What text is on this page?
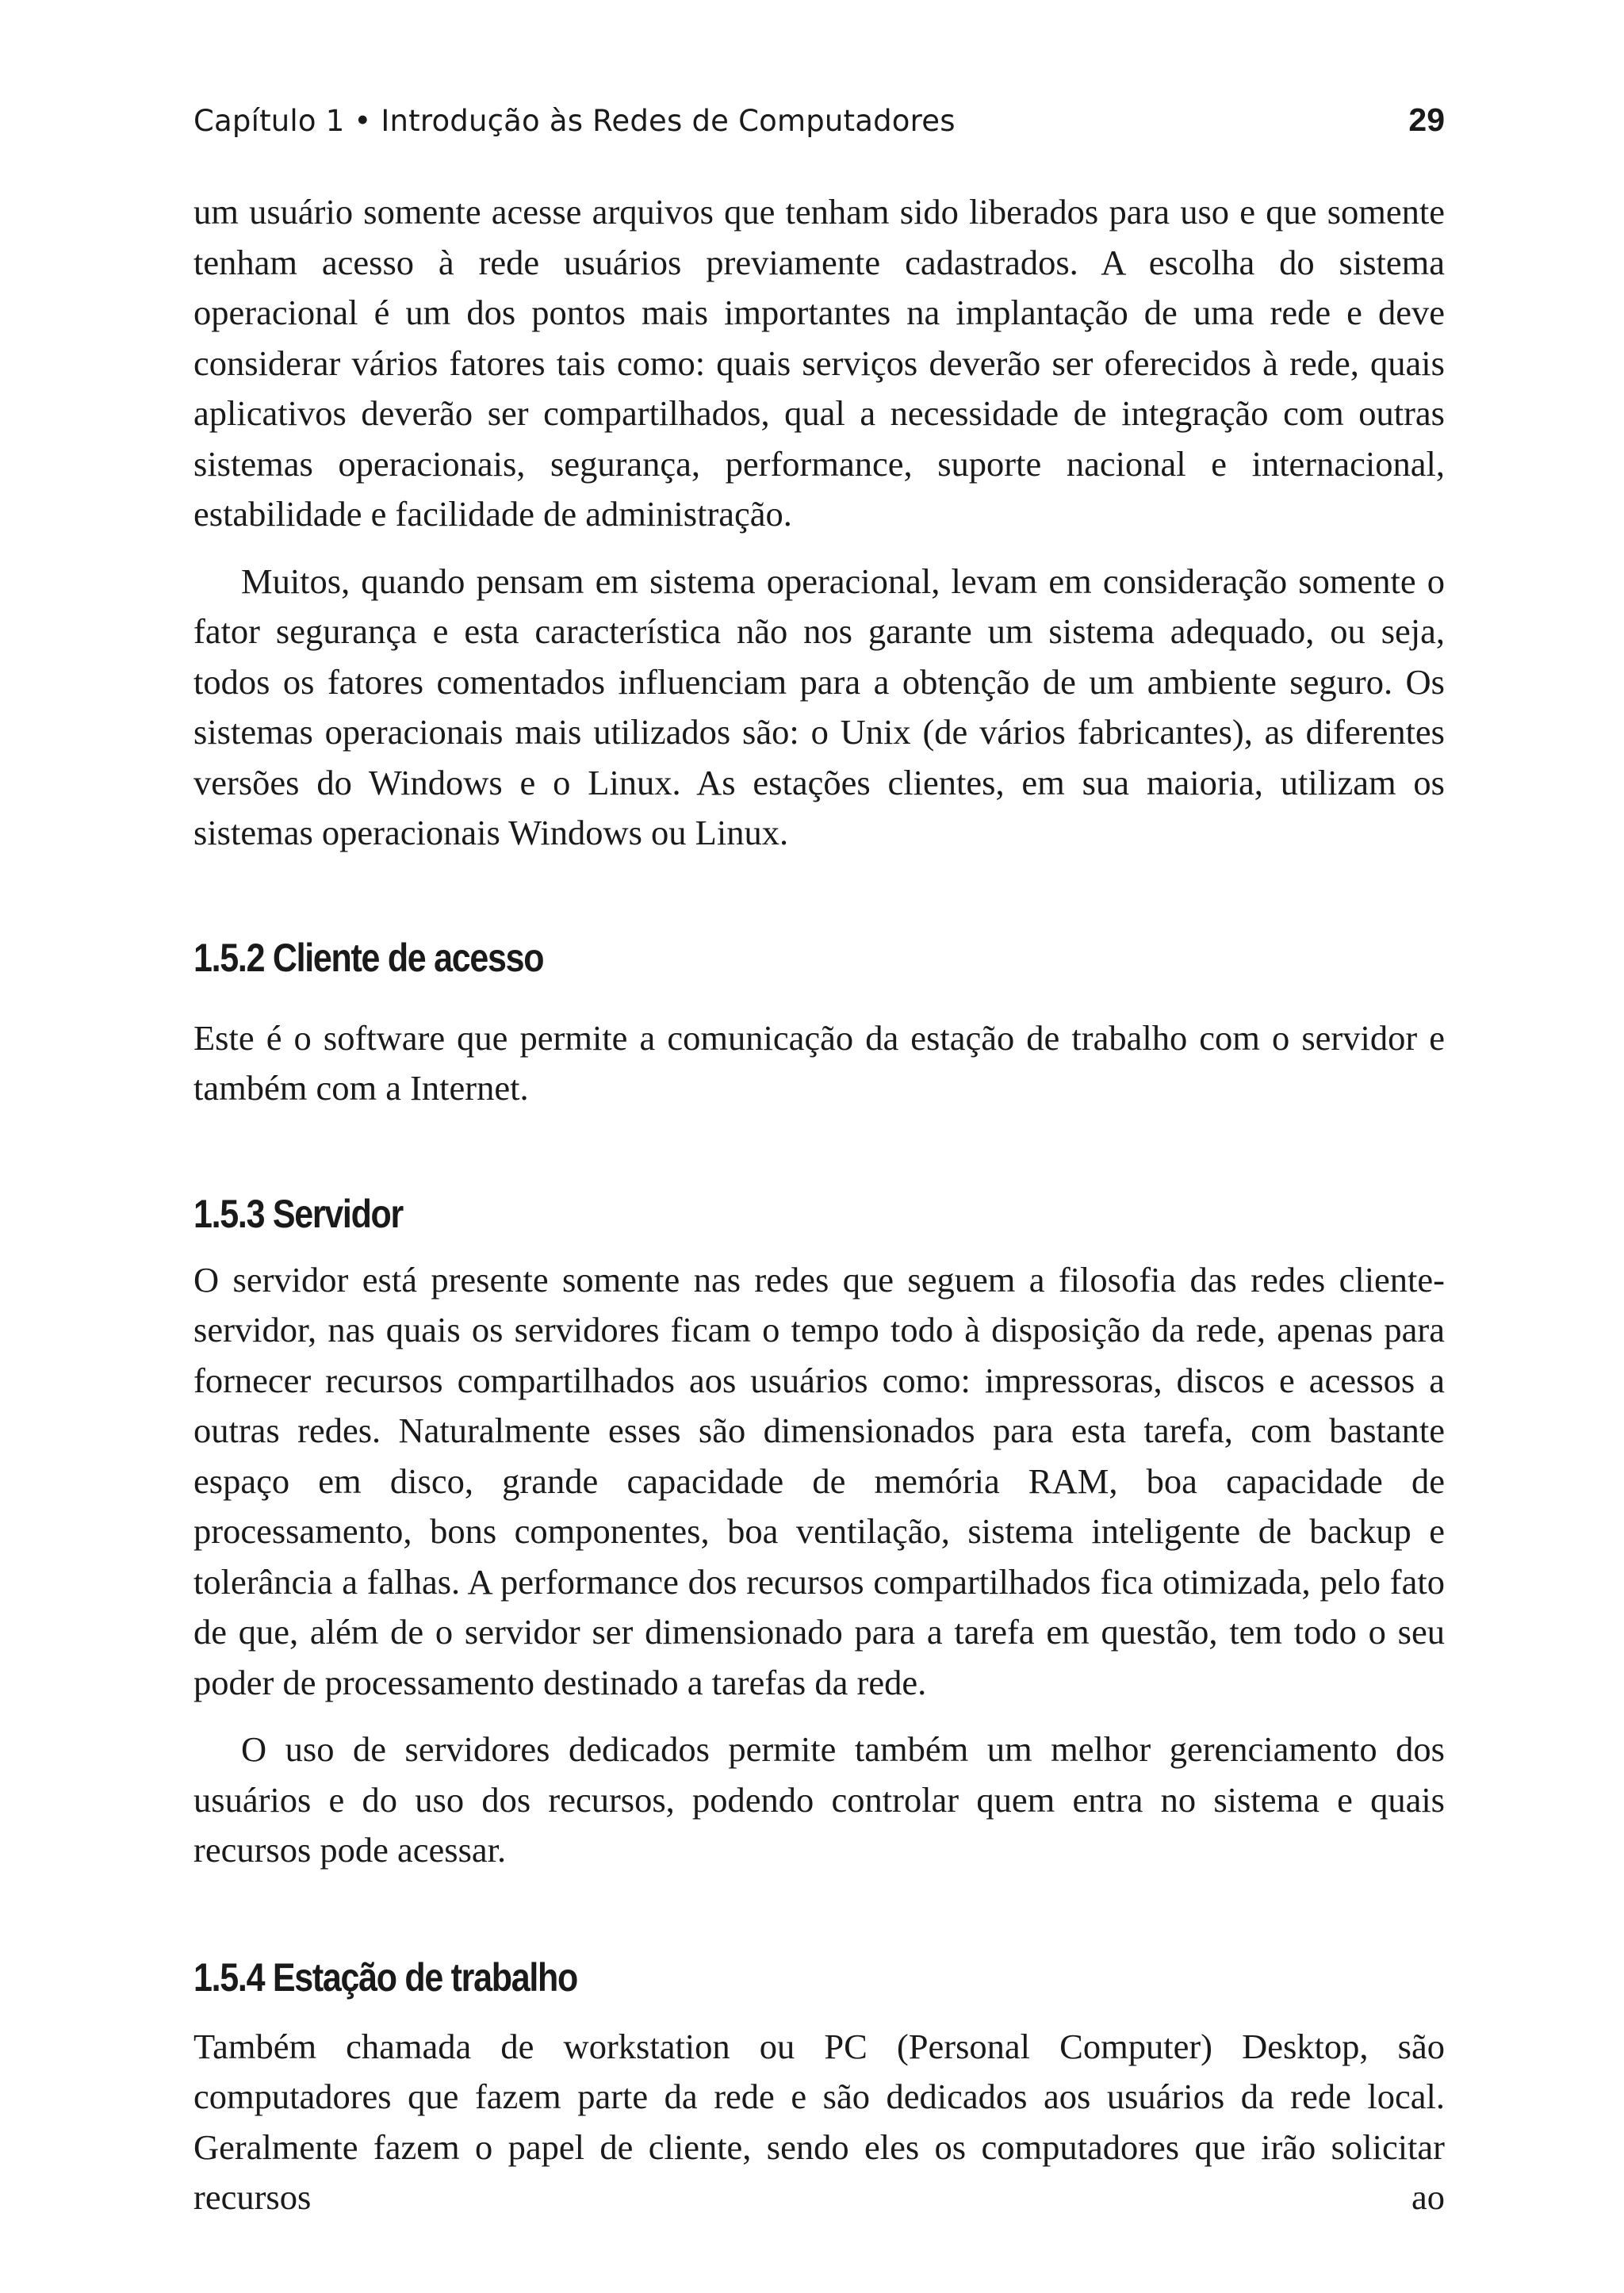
Capítulo 1 • Introdução às Redes de Computadores	29

um usuário somente acesse arquivos que tenham sido liberados para uso e que somente tenham acesso à rede usuários previamente cadastrados. A escolha do sistema operacional é um dos pontos mais importantes na implantação de uma rede e deve considerar vários fatores tais como: quais serviços deverão ser oferecidos à rede, quais aplicativos deverão ser compartilhados, qual a necessidade de integração com outras sistemas operacionais, segurança, performance, suporte nacional e internacional, estabilidade e facilidade de administração.

Muitos, quando pensam em sistema operacional, levam em consideração somente o fator segurança e esta característica não nos garante um sistema adequado, ou seja, todos os fatores comentados influenciam para a obtenção de um ambiente seguro. Os sistemas operacionais mais utilizados são: o Unix (de vários fabricantes), as diferentes versões do Windows e o Linux. As estações clientes, em sua maioria, utilizam os sistemas operacionais Windows ou Linux.

1.5.2 Cliente de acesso

Este é o software que permite a comunicação da estação de trabalho com o servidor e também com a Internet.

1.5.3 Servidor

O servidor está presente somente nas redes que seguem a filosofia das redes cliente-servidor, nas quais os servidores ficam o tempo todo à disposição da rede, apenas para fornecer recursos compartilhados aos usuários como: impressoras, discos e acessos a outras redes. Naturalmente esses são dimensionados para esta tarefa, com bastante espaço em disco, grande capacidade de memória RAM, boa capacidade de processamento, bons componentes, boa ventilação, sistema inteligente de backup e tolerância a falhas. A performance dos recursos compartilhados fica otimizada, pelo fato de que, além de o servidor ser dimensionado para a tarefa em questão, tem todo o seu poder de processamento destinado a tarefas da rede.

O uso de servidores dedicados permite também um melhor gerenciamento dos usuários e do uso dos recursos, podendo controlar quem entra no sistema e quais recursos pode acessar.

1.5.4 Estação de trabalho

Também chamada de workstation ou PC (Personal Computer) Desktop, são computadores que fazem parte da rede e são dedicados aos usuários da rede local. Geralmente fazem o papel de cliente, sendo eles os computadores que irão solicitar recursos ao
